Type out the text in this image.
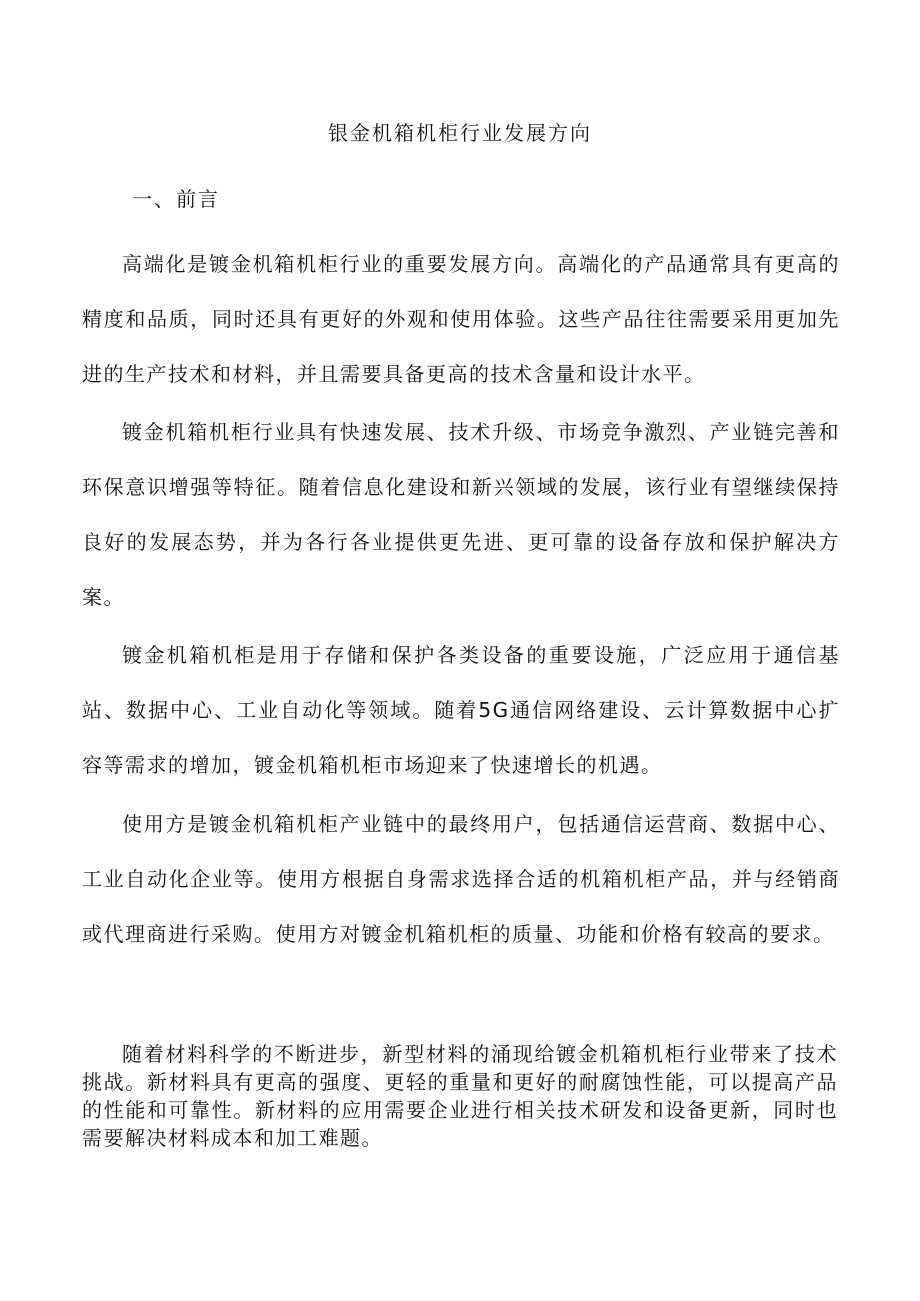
银金机箱机柜行业发展方向
一、前言

高端化是镀金机箱机柜行业的重要发展方向。高端化的产品通常具有更高的精度和品质，同时还具有更好的外观和使用体验。这些产品往往需要采用更加先进的生产技术和材料，并且需要具备更高的技术含量和设计水平。

镀金机箱机柜行业具有快速发展、技术升级、市场竞争激烈、产业链完善和环保意识增强等特征。随着信息化建设和新兴领域的发展，该行业有望继续保持良好的发展态势，并为各行各业提供更先进、更可靠的设备存放和保护解决方案。

镀金机箱机柜是用于存储和保护各类设备的重要设施，广泛应用于通信基站、数据中心、工业自动化等领域。随着5G通信网络建设、云计算数据中心扩容等需求的增加，镀金机箱机柜市场迎来了快速增长的机遇。

使用方是镀金机箱机柜产业链中的最终用户，包括通信运营商、数据中心、工业自动化企业等。使用方根据自身需求选择合适的机箱机柜产品，并与经销商或代理商进行采购。使用方对镀金机箱机柜的质量、功能和价格有较高的要求。

随着材料科学的不断进步，新型材料的涌现给镀金机箱机柜行业带来了技术挑战。新材料具有更高的强度、更轻的重量和更好的耐腐蚀性能，可以提高产品的性能和可靠性。新材料的应用需要企业进行相关技术研发和设备更新，同时也需要解决材料成本和加工难题。
